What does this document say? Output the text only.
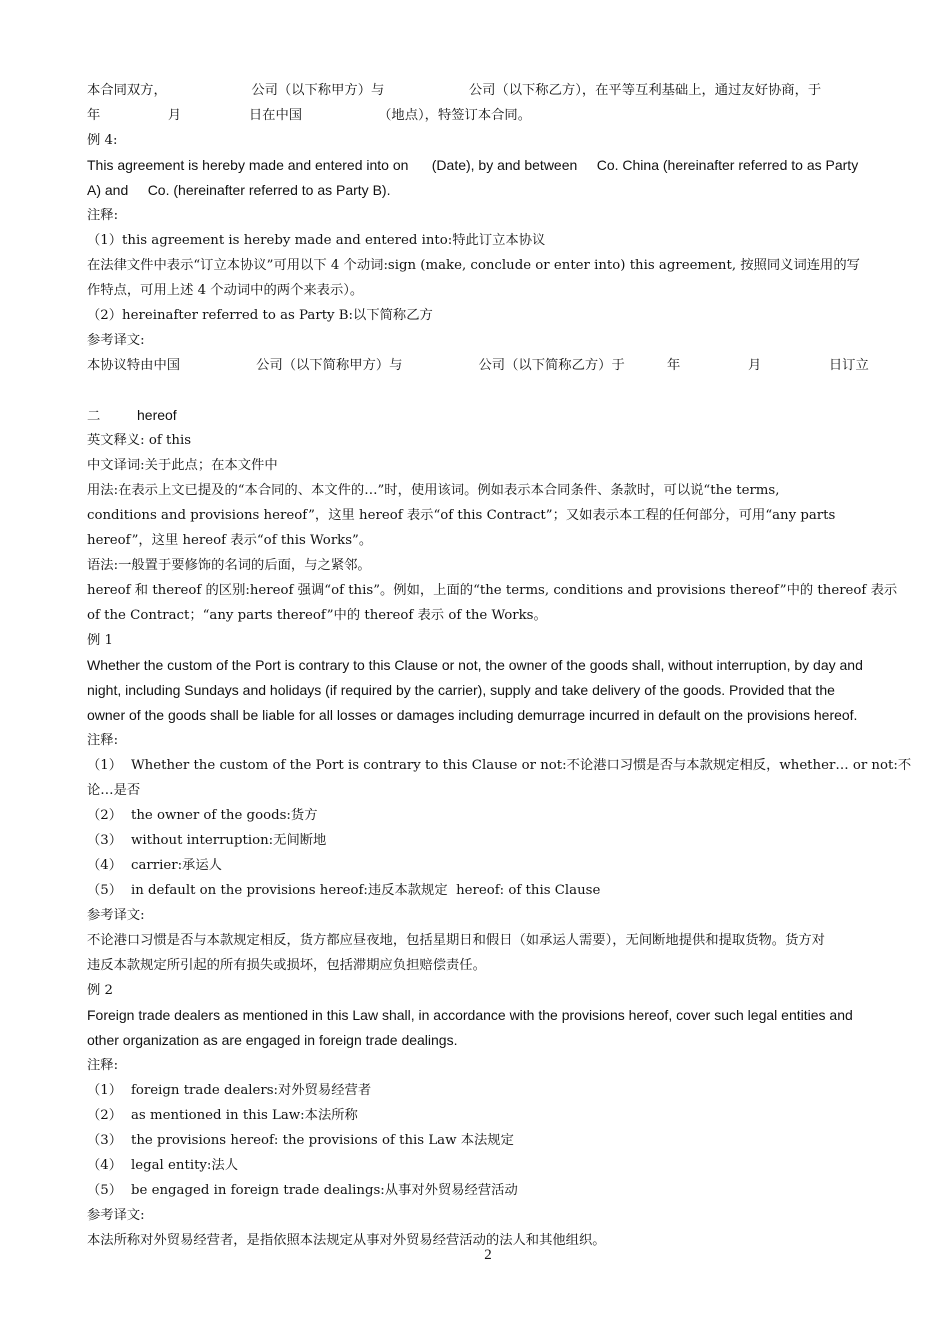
本合同双方，                    公司（以下称甲方）与                    公司（以下称乙方），在平等互利基础上，通过友好协商，于
年                月                日在中国                  （地点），特签订本合同。
例 4:
This agreement is hereby made and entered into on      (Date), by and between     Co. China (hereinafter referred to as Party
A) and     Co. (hereinafter referred to as Party B).
注释:
（1）this agreement is hereby made and entered into:特此订立本协议
在法律文件中表示“订立本协议”可用以下 4 个动词:sign (make, conclude or enter into) this agreement, 按照同义词连用的写
作特点，可用上述 4 个动词中的两个来表示）。
（2）hereinafter referred to as Party B:以下简称乙方
参考译文:
本协议特由中国                  公司（以下简称甲方）与                  公司（以下简称乙方）于          年                月                日订立
二	hereof
英文释义: of this
中文译词:关于此点；在本文件中
用法:在表示上文已提及的“本合同的、本文件的…”时，使用该词。例如表示本合同条件、条款时，可以说“the terms,
conditions and provisions hereof”，这里 hereof 表示“of this Contract”；又如表示本工程的任何部分，可用“any parts
hereof”，这里 hereof 表示“of this Works”。
语法:一般置于要修饰的名词的后面，与之紧邻。
hereof 和 thereof 的区别:hereof 强调“of this”。例如，上面的“the terms, conditions and provisions thereof”中的 thereof 表示
of the Contract；“any parts thereof”中的 thereof 表示 of the Works。
例 1
Whether the custom of the Port is contrary to this Clause or not, the owner of the goods shall, without interruption, by day and
night, including Sundays and holidays (if required by the carrier), supply and take delivery of the goods. Provided that the
owner of the goods shall be liable for all losses or damages including demurrage incurred in default on the provisions hereof.
注释:
（1） Whether the custom of the Port is contrary to this Clause or not:不论港口习惯是否与本款规定相反，whether… or not:不
论…是否
（2） the owner of the goods:货方
（3） without interruption:无间断地
（4） carrier:承运人
（5） in default on the provisions hereof:违反本款规定  hereof: of this Clause
参考译文:
不论港口习惯是否与本款规定相反，货方都应昼夜地，包括星期日和假日（如承运人需要），无间断地提供和提取货物。货方对
违反本款规定所引起的所有损失或损坏，包括滞期应负担赔偿责任。
例 2
Foreign trade dealers as mentioned in this Law shall, in accordance with the provisions hereof, cover such legal entities and
other organization as are engaged in foreign trade dealings.
注释:
（1） foreign trade dealers:对外贸易经营者
（2） as mentioned in this Law:本法所称
（3） the provisions hereof: the provisions of this Law 本法规定
（4） legal entity:法人
（5） be engaged in foreign trade dealings:从事对外贸易经营活动
参考译文:
本法所称对外贸易经营者，是指依照本法规定从事对外贸易经营活动的法人和其他组织。
2
